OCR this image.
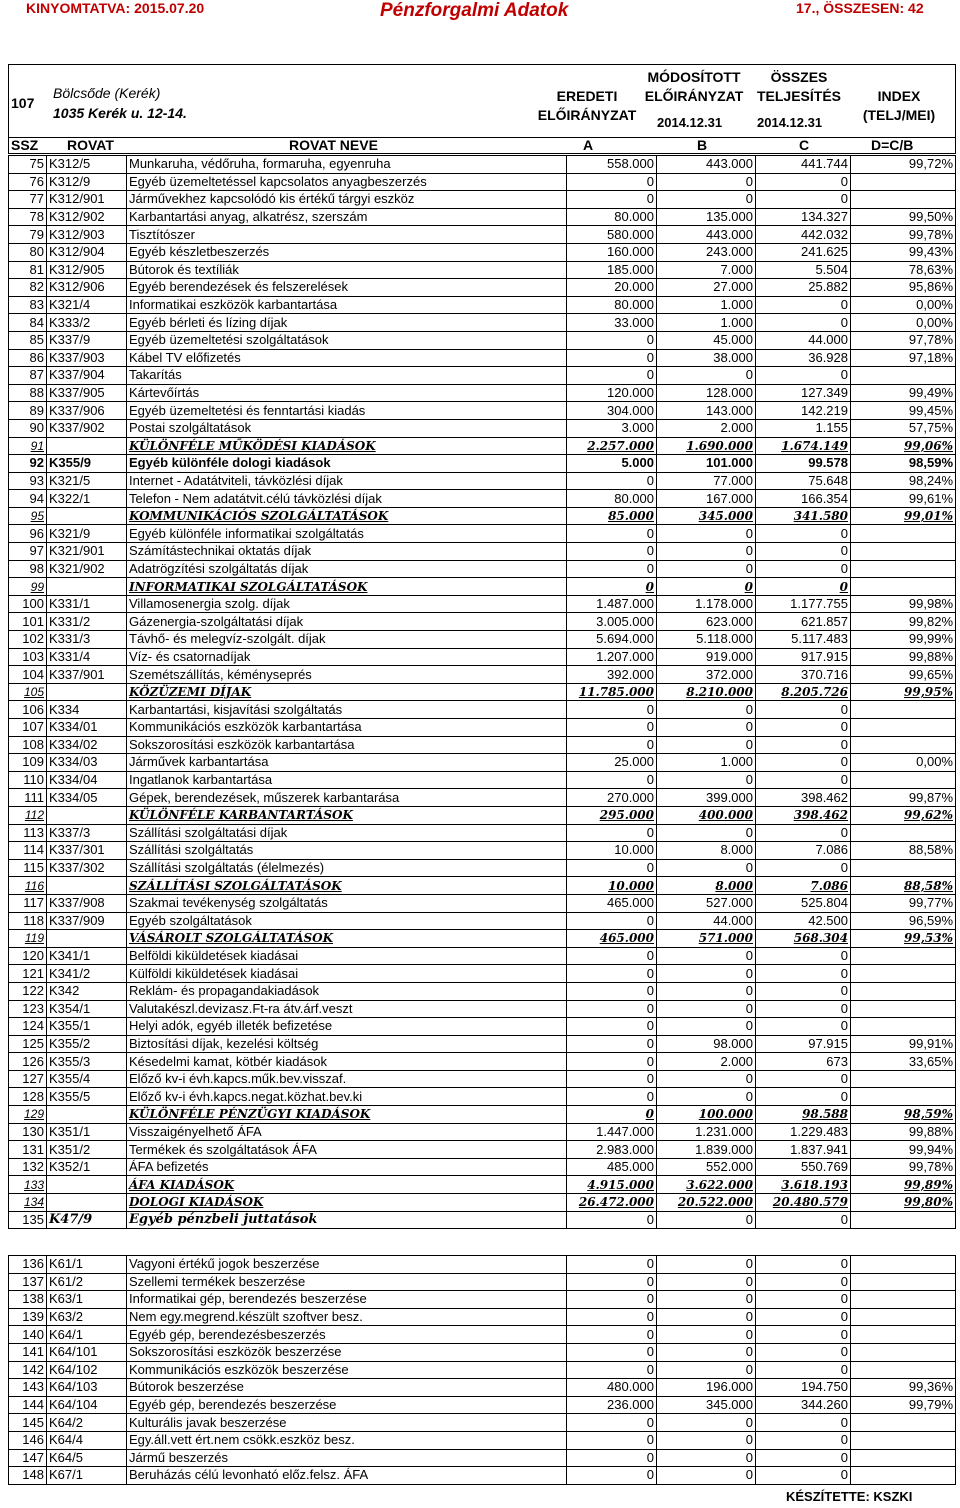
KINYOMTATVA: 2015.07.20	Pénzforgalmi Adatok	17., ÖSSZESEN: 42
107
Bölcsőde (Kerék)
1035 Kerék u. 12-14.
EREDETI
ELŐIRÁNYZAT
MÓDOSÍTOTT
ELŐIRÁNYZAT
ÖSSZES
TELJESÍTÉS	INDEX
(TELJ/MEI)
2014.12.31	2014.12.31
SSZ ROVAT	ROVAT NEVE	A	B	C	D=C/B
75	K312/5	Munkaruha, védőruha, formaruha, egyenruha	558.000	443.000	441.744	99,72%
76	K312/9	Egyéb üzemeltetéssel kapcsolatos anyagbeszerzés	0	0	0	
77	K312/901	Járművekhez kapcsolódó kis értékű tárgyi eszköz	0	0	0	
78	K312/902	Karbantartási anyag, alkatrész, szerszám	80.000	135.000	134.327	99,50%
79	K312/903	Tisztítószer	580.000	443.000	442.032	99,78%
80	K312/904	Egyéb készletbeszerzés	160.000	243.000	241.625	99,43%
81	K312/905	Bútorok és textíliák	185.000	7.000	5.504	78,63%
82	K312/906	Egyéb berendezések és felszerelések	20.000	27.000	25.882	95,86%
83	K321/4	Informatikai eszközök karbantartása	80.000	1.000	0	0,00%
84	K333/2	Egyéb bérleti és lízing díjak	33.000	1.000	0	0,00%
85	K337/9	Egyéb üzemeltetési szolgáltatások	0	45.000	44.000	97,78%
86	K337/903	Kábel TV előfizetés	0	38.000	36.928	97,18%
87	K337/904	Takarítás	0	0	0	
88	K337/905	Kártevőírtás	120.000	128.000	127.349	99,49%
89	K337/906	Egyéb üzemeltetési és fenntartási kiadás	304.000	143.000	142.219	99,45%
90	K337/902	Postai szolgáltatások	3.000	2.000	1.155	57,75%
91		KÜLÖNFÉLE MŰKÖDÉSI KIADÁSOK	2.257.000	1.690.000	1.674.149	99,06%
92	K355/9	Egyéb különféle dologi kiadások	5.000	101.000	99.578	98,59%
93	K321/5	Internet - Adatátviteli, távközlési díjak	0	77.000	75.648	98,24%
94	K322/1	Telefon - Nem adatátvit.célú távközlési díjak	80.000	167.000	166.354	99,61%
95		KOMMUNIKÁCIÓS SZOLGÁLTATÁSOK	85.000	345.000	341.580	99,01%
96	K321/9	Egyéb különféle informatikai szolgáltatás	0	0	0	
97	K321/901	Számítástechnikai oktatás díjak	0	0	0	
98	K321/902	Adatrögzítési szolgáltatás díjak	0	0	0	
99		INFORMATIKAI SZOLGÁLTATÁSOK	0	0	0	
100	K331/1	Villamosenergia szolg. díjak	1.487.000	1.178.000	1.177.755	99,98%
101	K331/2	Gázenergia-szolgáltatási díjak	3.005.000	623.000	621.857	99,82%
102	K331/3	Távhő- és melegvíz-szolgált. díjak	5.694.000	5.118.000	5.117.483	99,99%
103	K331/4	Víz- és csatornadíjak	1.207.000	919.000	917.915	99,88%
104	K337/901	Szemétszállítás, kéményseprés	392.000	372.000	370.716	99,65%
105		KÖZÜZEMI DÍJAK	11.785.000	8.210.000	8.205.726	99,95%
106	K334	Karbantartási, kisjavítási szolgáltatás	0	0	0	
107	K334/01	Kommunikációs eszközök karbantartása	0	0	0	
108	K334/02	Sokszorosítási eszközök karbantartása	0	0	0	
109	K334/03	Járművek karbantartása	25.000	1.000	0	0,00%
110	K334/04	Ingatlanok karbantartása	0	0	0	
111	K334/05	Gépek, berendezések, műszerek karbantarása	270.000	399.000	398.462	99,87%
112		KÜLÖNFÉLE KARBANTARTÁSOK	295.000	400.000	398.462	99,62%
113	K337/3	Szállítási szolgáltatási díjak	0	0	0	
114	K337/301	Szállítási szolgáltatás	10.000	8.000	7.086	88,58%
115	K337/302	Szállítási szolgáltatás (élelmezés)	0	0	0	
116		SZÁLLÍTÁSI SZOLGÁLTATÁSOK	10.000	8.000	7.086	88,58%
117	K337/908	Szakmai tevékenység szolgáltatás	465.000	527.000	525.804	99,77%
118	K337/909	Egyéb szolgáltatások	0	44.000	42.500	96,59%
119		VÁSÁROLT SZOLGÁLTATÁSOK	465.000	571.000	568.304	99,53%
120	K341/1	Belföldi kiküldetések kiadásai	0	0	0	
121	K341/2	Külföldi kiküldetések kiadásai	0	0	0	
122	K342	Reklám- és propagandakiadások	0	0	0	
123	K354/1	Valutakészl.devizasz.Ft-ra átv.árf.veszt	0	0	0	
124	K355/1	Helyi adók, egyéb illeték befizetése	0	0	0	
125	K355/2	Biztosítási díjak, kezelési költség	0	98.000	97.915	99,91%
126	K355/3	Késedelmi kamat, kötbér kiadások	0	2.000	673	33,65%
127	K355/4	Előző kv-i évh.kapcs.műk.bev.visszaf.	0	0	0	
128	K355/5	Előző kv-i évh.kapcs.negat.közhat.bev.ki	0	0	0	
129		KÜLÖNFÉLE PÉNZÜGYI KIADÁSOK	0	100.000	98.588	98,59%
130	K351/1	Visszaigényelhető ÁFA	1.447.000	1.231.000	1.229.483	99,88%
131	K351/2	Termékek és szolgáltatások ÁFA	2.983.000	1.839.000	1.837.941	99,94%
132	K352/1	ÁFA befizetés	485.000	552.000	550.769	99,78%
133		ÁFA KIADÁSOK	4.915.000	3.622.000	3.618.193	99,89%
134		DOLOGI KIADÁSOK	26.472.000	20.522.000	20.480.579	99,80%
135	K47/9	Egyéb pénzbeli juttatások	0	0	0	
136	K61/1	Vagyoni értékű jogok beszerzése	0	0	0	
137	K61/2	Szellemi termékek beszerzése	0	0	0	
138	K63/1	Informatikai gép, berendezés beszerzése	0	0	0	
139	K63/2	Nem egy.megrend.készült szoftver besz.	0	0	0	
140	K64/1	Egyéb gép, berendezésbeszerzés	0	0	0	
141	K64/101	Sokszorosítási eszközök beszerzése	0	0	0	
142	K64/102	Kommunikációs eszközök beszerzése	0	0	0	
143	K64/103	Bútorok beszerzése	480.000	196.000	194.750	99,36%
144	K64/104	Egyéb gép, berendezés beszerzése	236.000	345.000	344.260	99,79%
145	K64/2	Kulturális javak beszerzése	0	0	0	
146	K64/4	Egy.áll.vett ért.nem csökk.eszköz besz.	0	0	0	
147	K64/5	Jármű beszerzés	0	0	0	
148	K67/1	Beruházás célú levonható előz.felsz. ÁFA	0	0	0	
KÉSZÍTETTE: KSZKI
